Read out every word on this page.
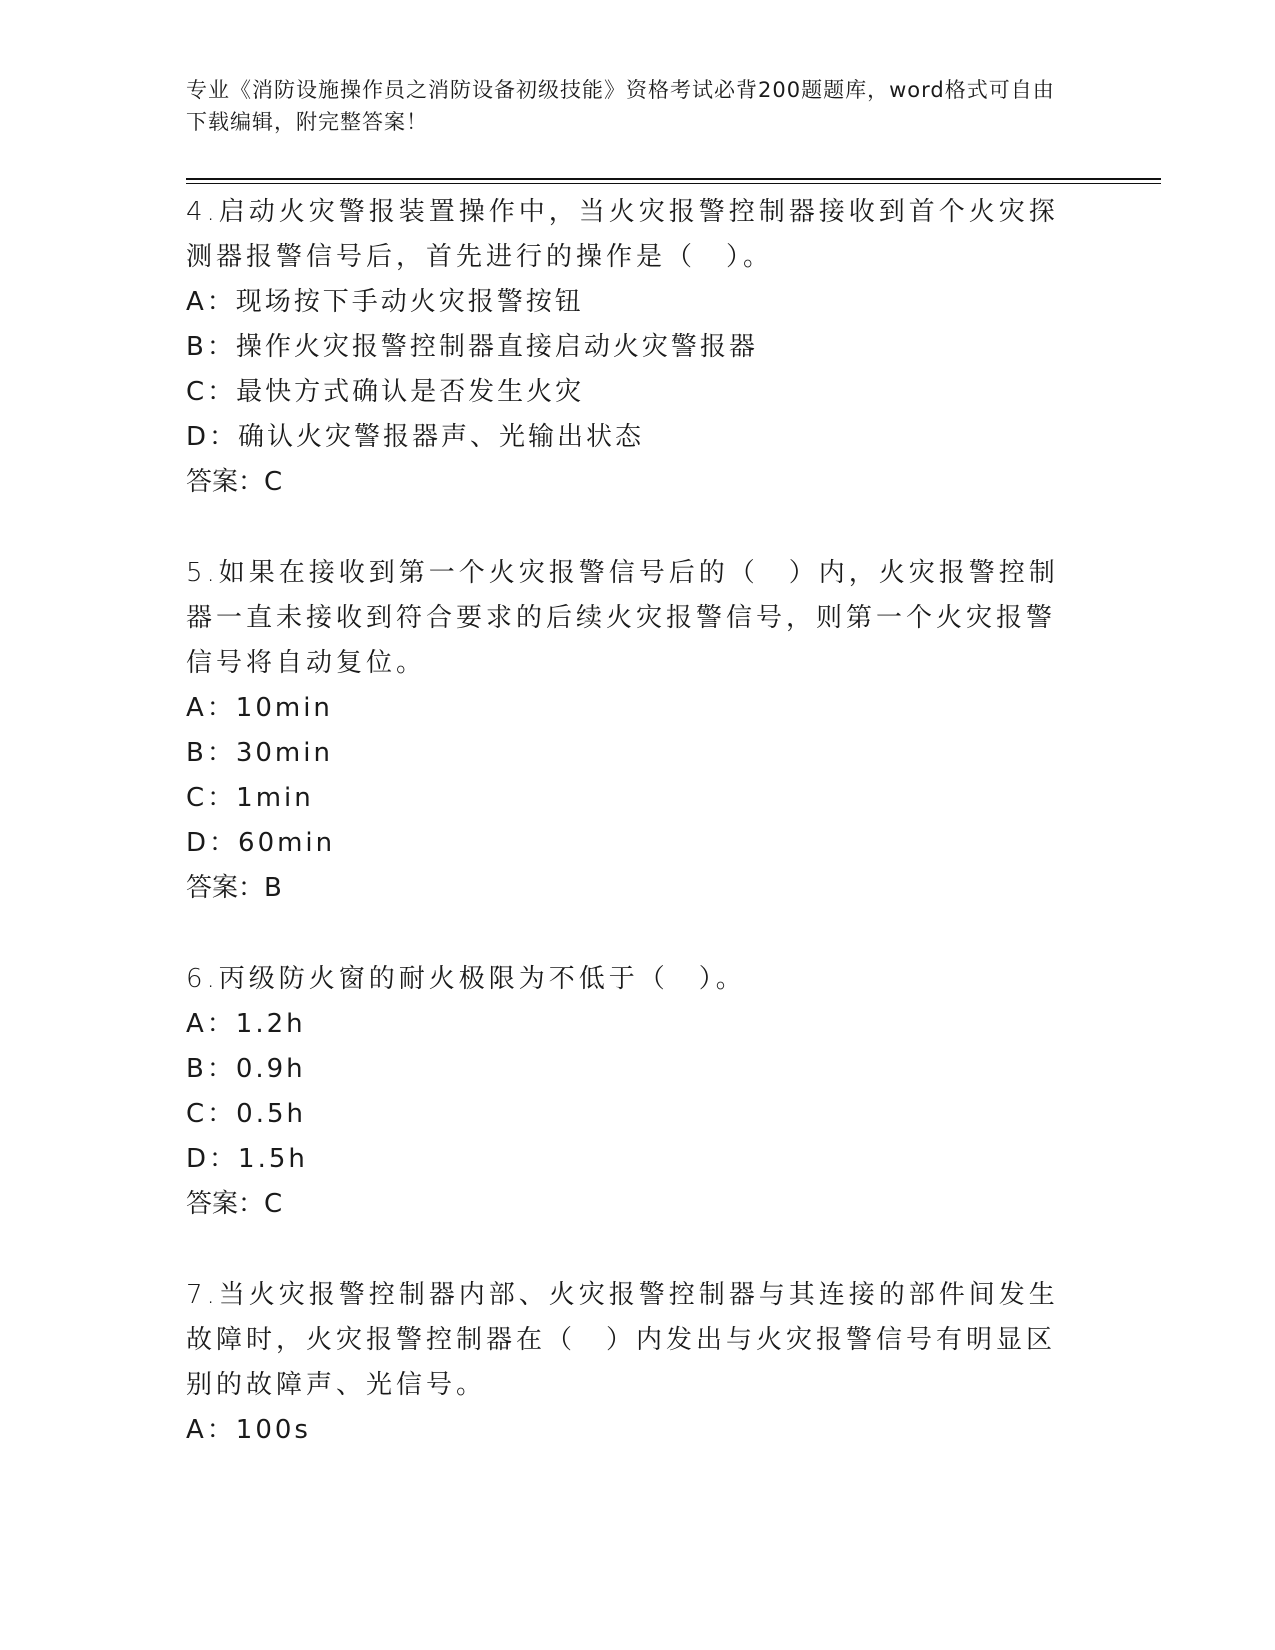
专业《消防设施操作员之消防设备初级技能》资格考试必背200题题库，word格式可自由下载编辑，附完整答案！

4.启动火灾警报装置操作中，当火灾报警控制器接收到首个火灾探测器报警信号后，首先进行的操作是（　）。

A：现场按下手动火灾报警按钮

B：操作火灾报警控制器直接启动火灾警报器

C：最快方式确认是否发生火灾

D：确认火灾警报器声、光输出状态

答案：C

5.如果在接收到第一个火灾报警信号后的（　）内，火灾报警控制器一直未接收到符合要求的后续火灾报警信号，则第一个火灾报警信号将自动复位。

A：10min

B：30min

C：1min

D：60min

答案：B

6.丙级防火窗的耐火极限为不低于（　）。

A：1.2h

B：0.9h

C：0.5h

D：1.5h

答案：C

7.当火灾报警控制器内部、火灾报警控制器与其连接的部件间发生故障时，火灾报警控制器在（　）内发出与火灾报警信号有明显区别的故障声、光信号。

A：100s
